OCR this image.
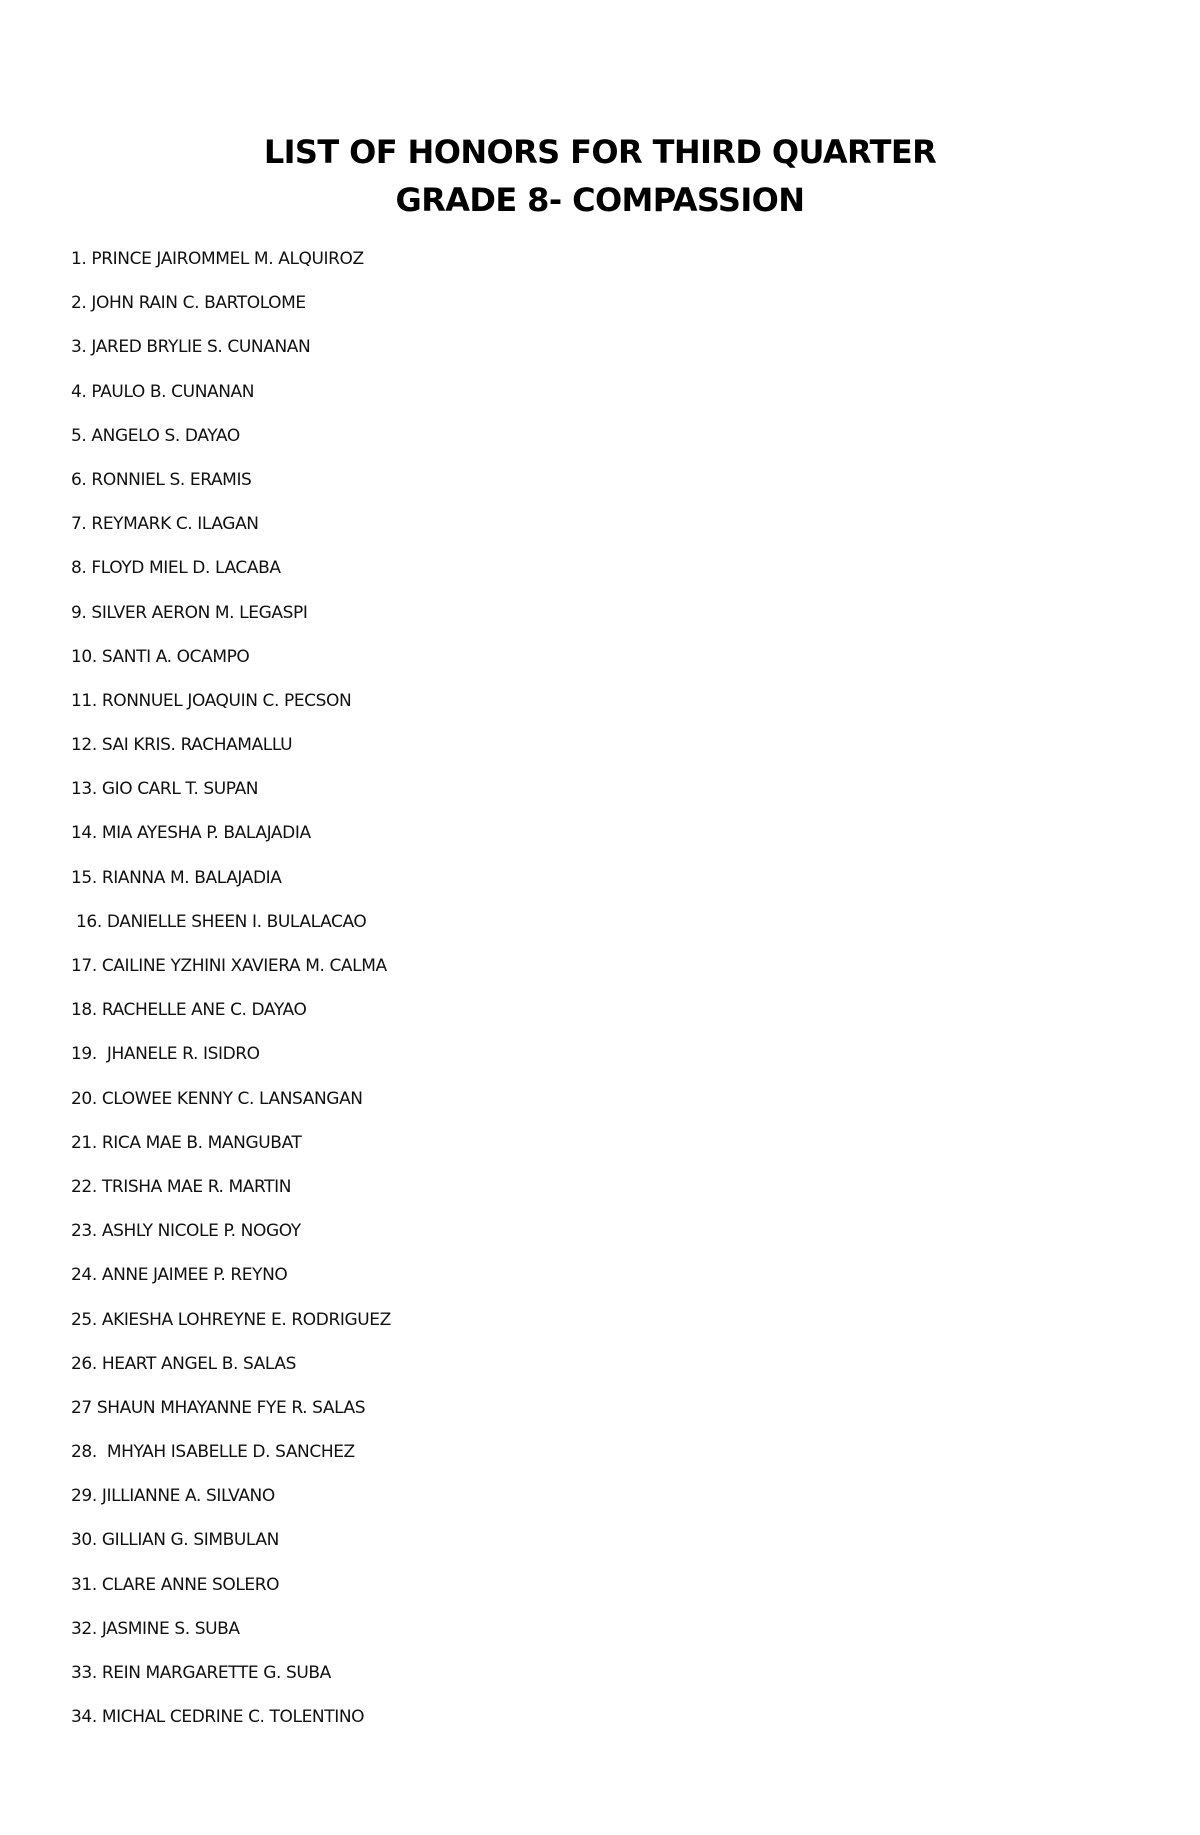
LIST OF HONORS FOR THIRD QUARTER
GRADE 8- COMPASSION
1. PRINCE JAIROMMEL M. ALQUIROZ
2. JOHN RAIN C. BARTOLOME
3. JARED BRYLIE S. CUNANAN
4. PAULO B. CUNANAN
5. ANGELO S. DAYAO
6. RONNIEL S. ERAMIS
7. REYMARK C. ILAGAN
8. FLOYD MIEL D. LACABA
9. SILVER AERON M. LEGASPI
10. SANTI A. OCAMPO
11. RONNUEL JOAQUIN C. PECSON
12. SAI KRIS. RACHAMALLU
13. GIO CARL T. SUPAN
14. MIA AYESHA P. BALAJADIA
15. RIANNA M. BALAJADIA
16. DANIELLE SHEEN I. BULALACAO
17. CAILINE YZHINI XAVIERA M. CALMA
18. RACHELLE ANE C. DAYAO
19.  JHANELE R. ISIDRO
20. CLOWEE KENNY C. LANSANGAN
21. RICA MAE B. MANGUBAT
22. TRISHA MAE R. MARTIN
23. ASHLY NICOLE P. NOGOY
24. ANNE JAIMEE P. REYNO
25. AKIESHA LOHREYNE E. RODRIGUEZ
26. HEART ANGEL B. SALAS
27 SHAUN MHAYANNE FYE R. SALAS
28.  MHYAH ISABELLE D. SANCHEZ
29. JILLIANNE A. SILVANO
30. GILLIAN G. SIMBULAN
31. CLARE ANNE SOLERO
32. JASMINE S. SUBA
33. REIN MARGARETTE G. SUBA
34. MICHAL CEDRINE C. TOLENTINO
